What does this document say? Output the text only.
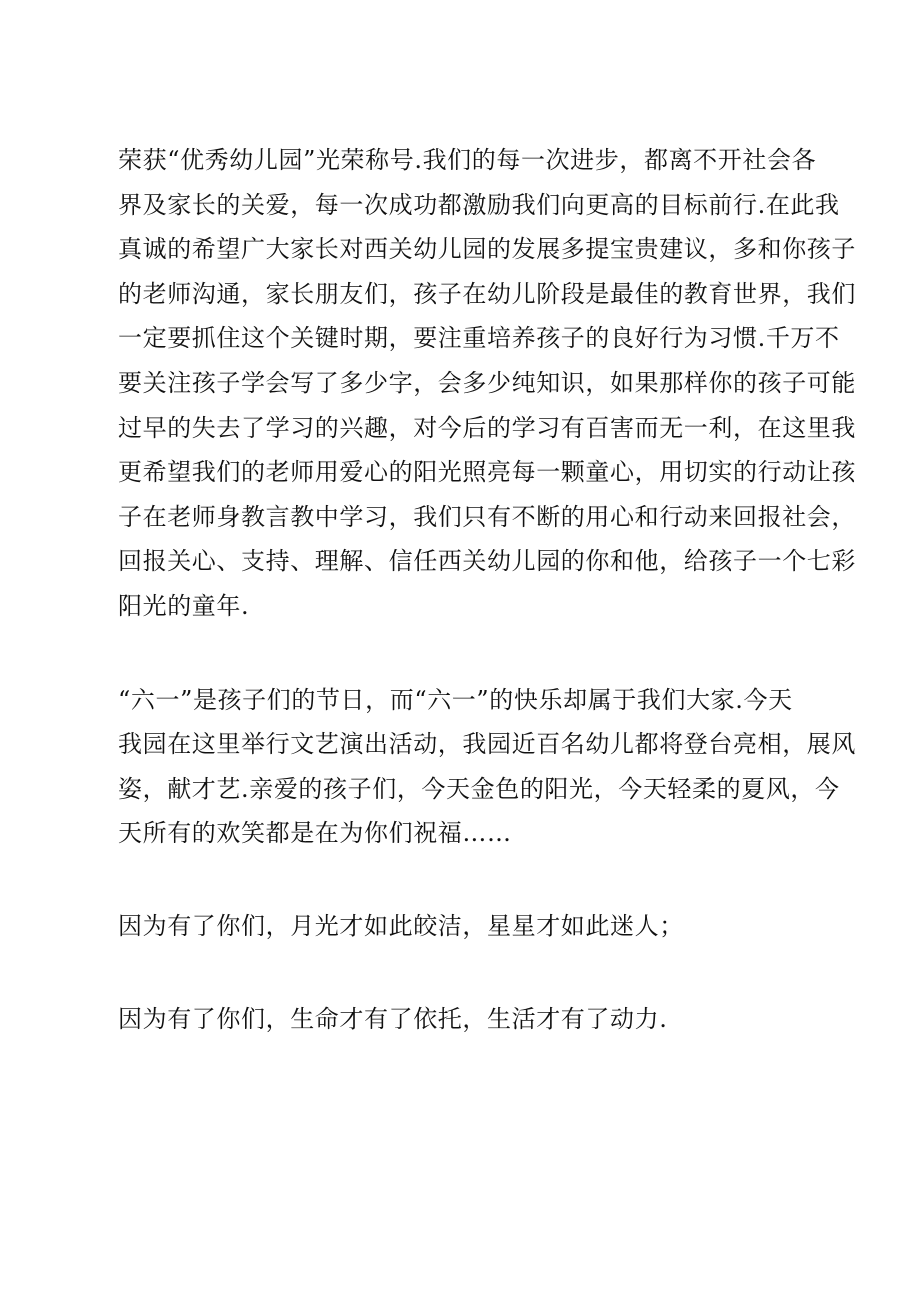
荣获“优秀幼儿园”光荣称号.我们的每一次进步，都离不开社会各
界及家长的关爱，每一次成功都激励我们向更高的目标前行.在此我
真诚的希望广大家长对西关幼儿园的发展多提宝贵建议，多和你孩子
的老师沟通，家长朋友们，孩子在幼儿阶段是最佳的教育世界，我们
一定要抓住这个关键时期，要注重培养孩子的良好行为习惯.千万不
要关注孩子学会写了多少字，会多少纯知识，如果那样你的孩子可能
过早的失去了学习的兴趣，对今后的学习有百害而无一利，在这里我
更希望我们的老师用爱心的阳光照亮每一颗童心，用切实的行动让孩
子在老师身教言教中学习，我们只有不断的用心和行动来回报社会，
回报关心、支持、理解、信任西关幼儿园的你和他，给孩子一个七彩
阳光的童年.

“六一”是孩子们的节日，而“六一”的快乐却属于我们大家.今天
我园在这里举行文艺演出活动，我园近百名幼儿都将登台亮相，展风
姿，献才艺.亲爱的孩子们，今天金色的阳光，今天轻柔的夏风，今
天所有的欢笑都是在为你们祝福……

因为有了你们，月光才如此皎洁，星星才如此迷人；

因为有了你们，生命才有了依托，生活才有了动力.
